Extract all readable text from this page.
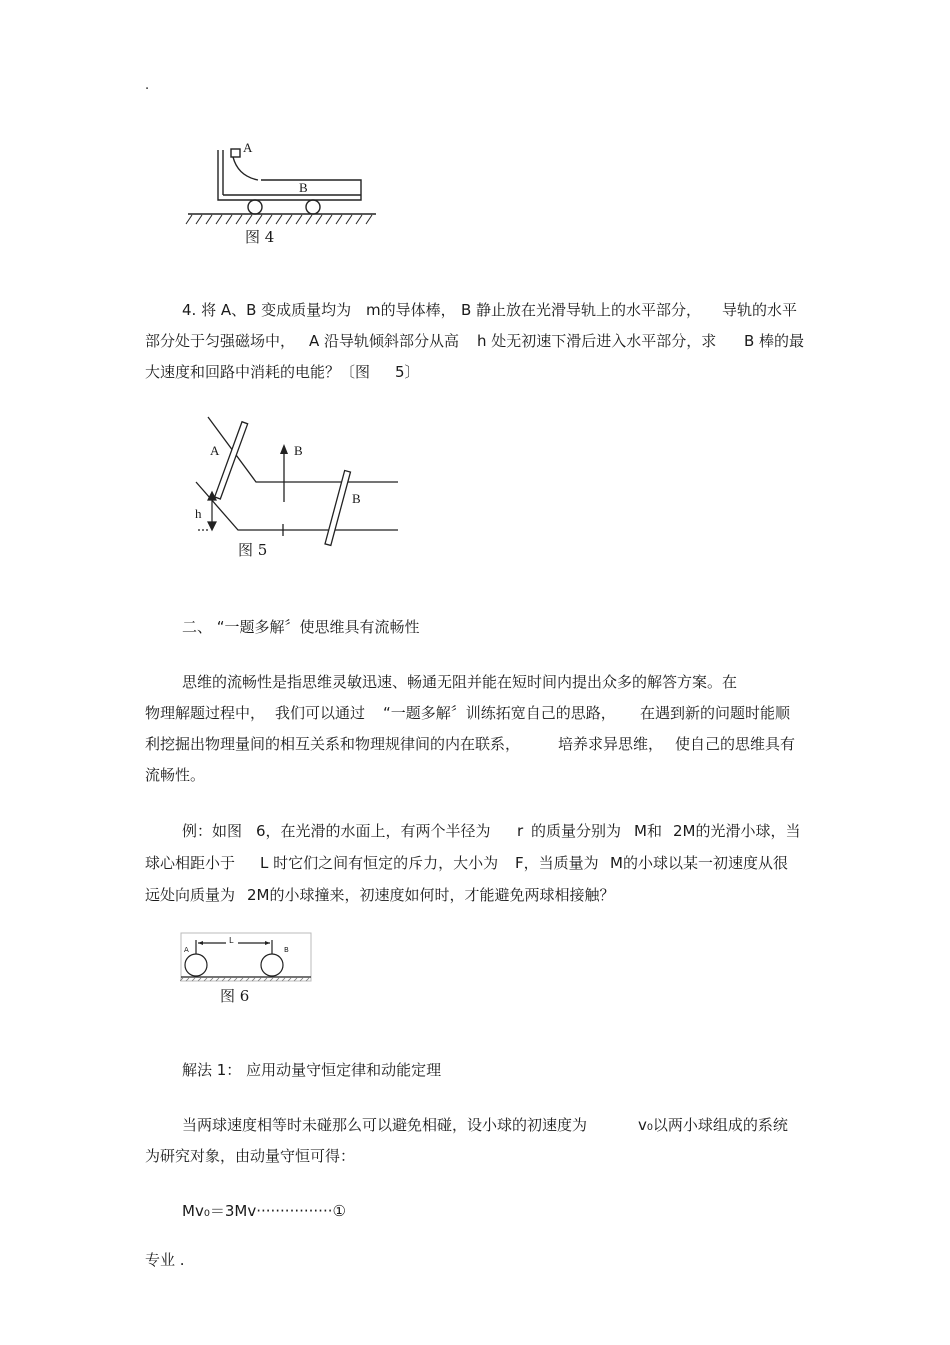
.
A
B
图 4
4. 将 A、B 变成质量均为 m的导体棒， B 静止放在光滑导轨上的水平部分， 导轨的水平
部分处于匀强磁场中， A 沿导轨倾斜部分从高 h 处无初速下滑后进入水平部分，求 B 棒的最
大速度和回路中消耗的电能？〔图 5〕
A	B
B
h
图 5
二、 “一题多解〞使思维具有流畅性
思维的流畅性是指思维灵敏迅速、畅通无阻并能在短时间内提出众多的解答方案。在
物理解题过程中， 我们可以通过 “一题多解〞训练拓宽自己的思路， 在遇到新的问题时能顺
利挖掘出物理量间的相互关系和物理规律间的内在联系，	培养求异思维， 使自己的思维具有
流畅性。
例：如图 6，在光滑的水面上，有两个半径为 r 的质量分别为 M和 2M的光滑小球，当
球心相距小于 L 时它们之间有恒定的斥力，大小为 F，当质量为 M的小球以某一初速度从很
远处向质量为 2M的小球撞来，初速度如何时，才能避免两球相接触？
A	B
L
图 6
解法 1： 应用动量守恒定律和动能定理
当两球速度相等时未碰那么可以避免相碰，设小球的初速度为	v₀以两小球组成的系统
为研究对象，由动量守恒可得：
Mv₀＝3Mv················①
专业 .
